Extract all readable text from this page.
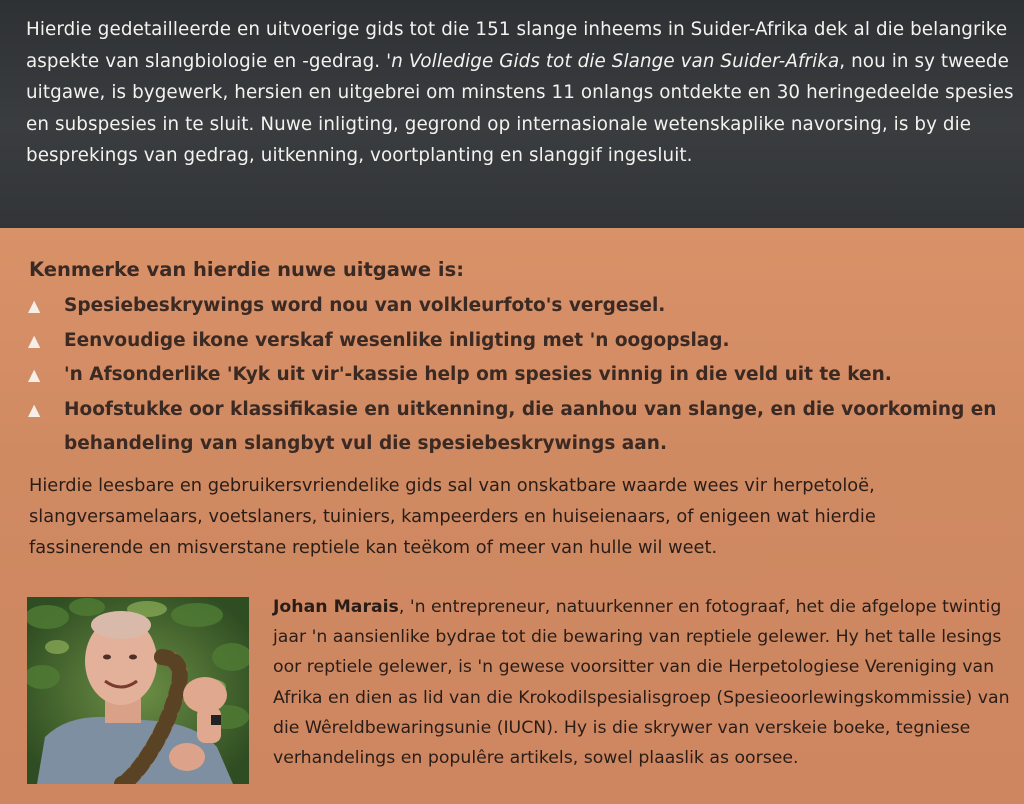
Hierdie gedetailleerde en uitvoerige gids tot die 151 slange inheems in Suider-Afrika dek al die belangrike aspekte van slangbiologie en -gedrag. 'n Volledige Gids tot die Slange van Suider-Afrika, nou in sy tweede uitgawe, is bygewerk, hersien en uitgebrei om minstens 11 onlangs ontdekte en 30 heringedeelde spesies en subspesies in te sluit. Nuwe inligting, gegrond op internasionale wetenskaplike navorsing, is by die besprekings van gedrag, uitkenning, voortplanting en slanggif ingesluit.

Kenmerke van hierdie nuwe uitgawe is:

▲	Spesiebeskrywings word nou van volkleurfoto's vergesel.
▲	Eenvoudige ikone verskaf wesenlike inligting met 'n oogopslag.
▲	'n Afsonderlike 'Kyk uit vir'-kassie help om spesies vinnig in die veld uit te ken.
▲	Hoofstukke oor klassifikasie en uitkenning, die aanhou van slange, en die voorkoming en behandeling van slangbyt vul die spesiebeskrywings aan.

Hierdie leesbare en gebruikersvriendelike gids sal van onskatbare waarde wees vir herpetoloë, slangversamelaars, voetslaners, tuiniers, kampeerders en huiseienaars, of enigeen wat hierdie fassinerende en misverstane reptiele kan teëkom of meer van hulle wil weet.

Johan Marais, 'n entrepreneur, natuurkenner en fotograaf, het die afgelope twintig jaar 'n aansienlike bydrae tot die bewaring van reptiele gelewer. Hy het talle lesings oor reptiele gelewer, is 'n gewese voorsitter van die Herpetologiese Vereniging van Afrika en dien as lid van die Krokodilspesialisgroep (Spesieoorlewingskommissie) van die Wêreldbewaringsunie (IUCN). Hy is die skrywer van verskeie boeke, tegniese verhandelings en populêre artikels, sowel plaaslik as oorsee.
